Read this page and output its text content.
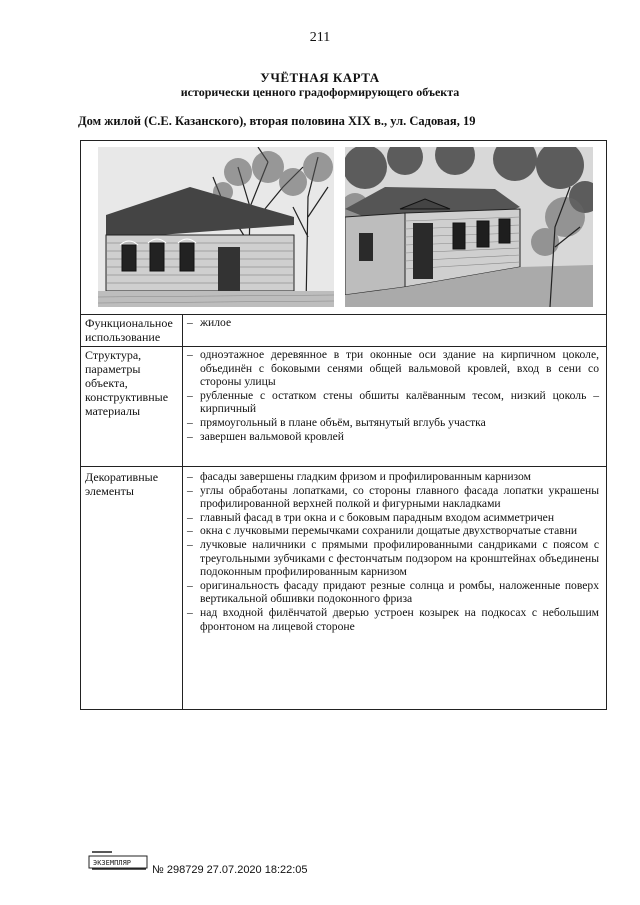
211
УЧЁТНАЯ КАРТА
исторически ценного градоформирующего объекта
Дом жилой (С.Е. Казанского), вторая половина XIX в., ул. Садовая, 19
Функциональное использование
– жилое
Структура, параметры объекта, конструктивные материалы
– одноэтажное деревянное в три оконные оси здание на кирпичном цоколе, объединён с боковыми сенями общей вальмовой кровлей, вход в сени со стороны улицы
– рубленные с остатком стены обшиты калёванным тесом, низкий цоколь – кирпичный
– прямоугольный в плане объём, вытянутый вглубь участка
– завершен вальмовой кровлей
Декоративные элементы
– фасады завершены гладким фризом и профилированным карнизом
– углы обработаны лопатками, со стороны главного фасада лопатки украшены профилированной верхней полкой и фигурными накладками
– главный фасад в три окна и с боковым парадным входом асимметричен
– окна с лучковыми перемычками сохранили дощатые двухстворчатые ставни
– лучковые наличники с прямыми профилированными сандриками с поясом с треугольными зубчиками с фестончатым подзором на кронштейнах объединены подоконным профилированным карнизом
– оригинальность фасаду придают резные солнца и ромбы, наложенные поверх вертикальной обшивки подоконного фриза
– над входной филёнчатой дверью устроен козырек на подкосах с небольшим фронтоном на лицевой стороне
ЭКЗЕМПЛЯР
№ 298729 27.07.2020 18:22:05
